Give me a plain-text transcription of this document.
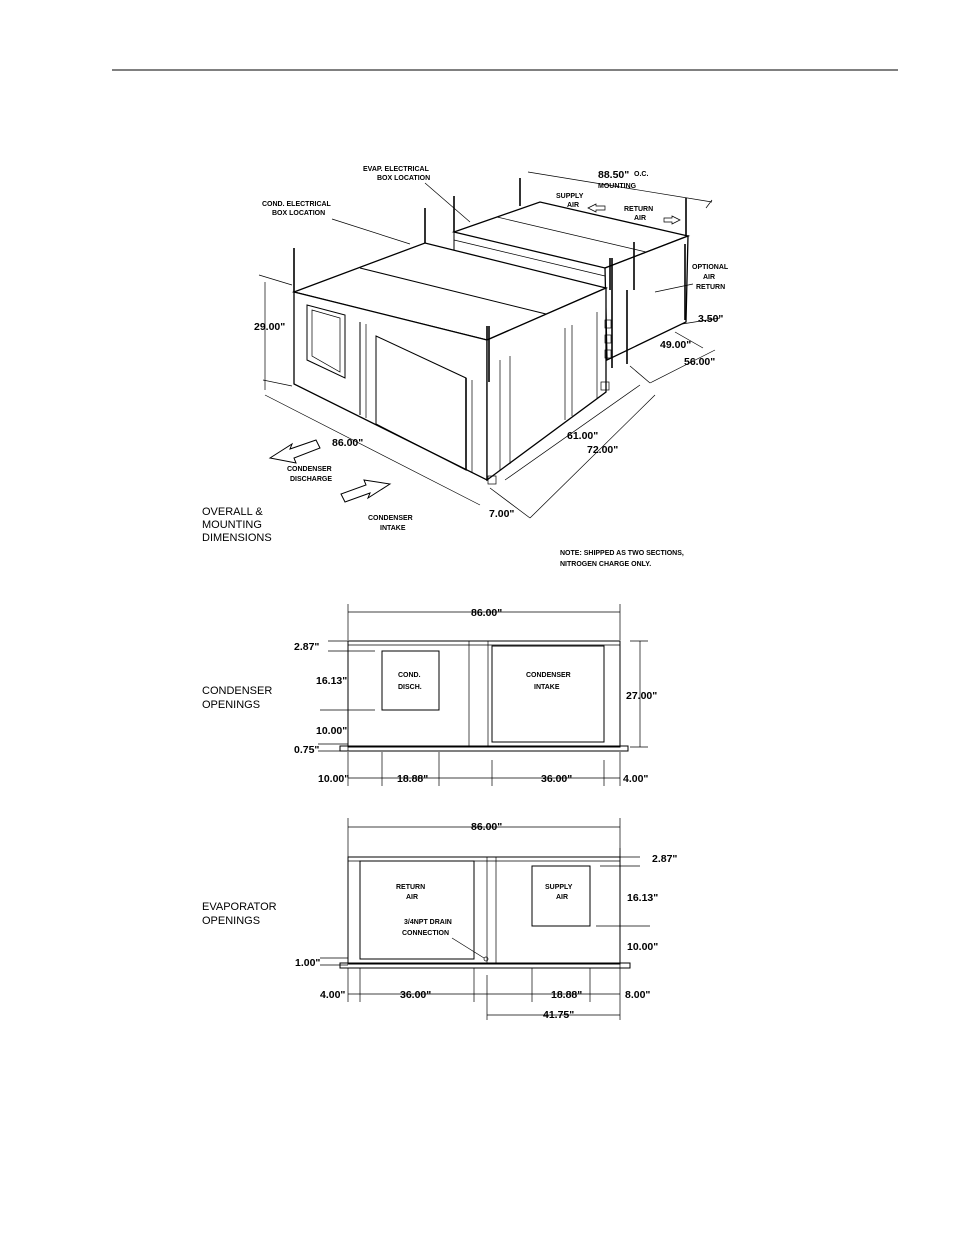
EVAP. ELECTRICAL
BOX LOCATION
COND. ELECTRICAL
BOX LOCATION
88.50" O.C.
MOUNTING
SUPPLY
AIR
RETURN
AIR
OPTIONAL
AIR
RETURN
29.00"
86.00"
CONDENSER
DISCHARGE
CONDENSER
INTAKE
3.50"
49.00"
56.00"
61.00"
72.00"
7.00"
OVERALL &
MOUNTING
DIMENSIONS
NOTE: SHIPPED AS TWO SECTIONS,
NITROGEN CHARGE ONLY.
86.00"
CONDENSER
OPENINGS
2.87"
16.13"
10.00"
0.75"
27.00"
COND.
DISCH.
CONDENSER
INTAKE
10.00"	18.88"	36.00"	4.00"
86.00"
EVAPORATOR
OPENINGS
RETURN
AIR
3/4NPT DRAIN
CONNECTION
SUPPLY
AIR
2.87"
16.13"
10.00"
1.00"
4.00"	36.00"	18.88"	8.00"
41.75"
